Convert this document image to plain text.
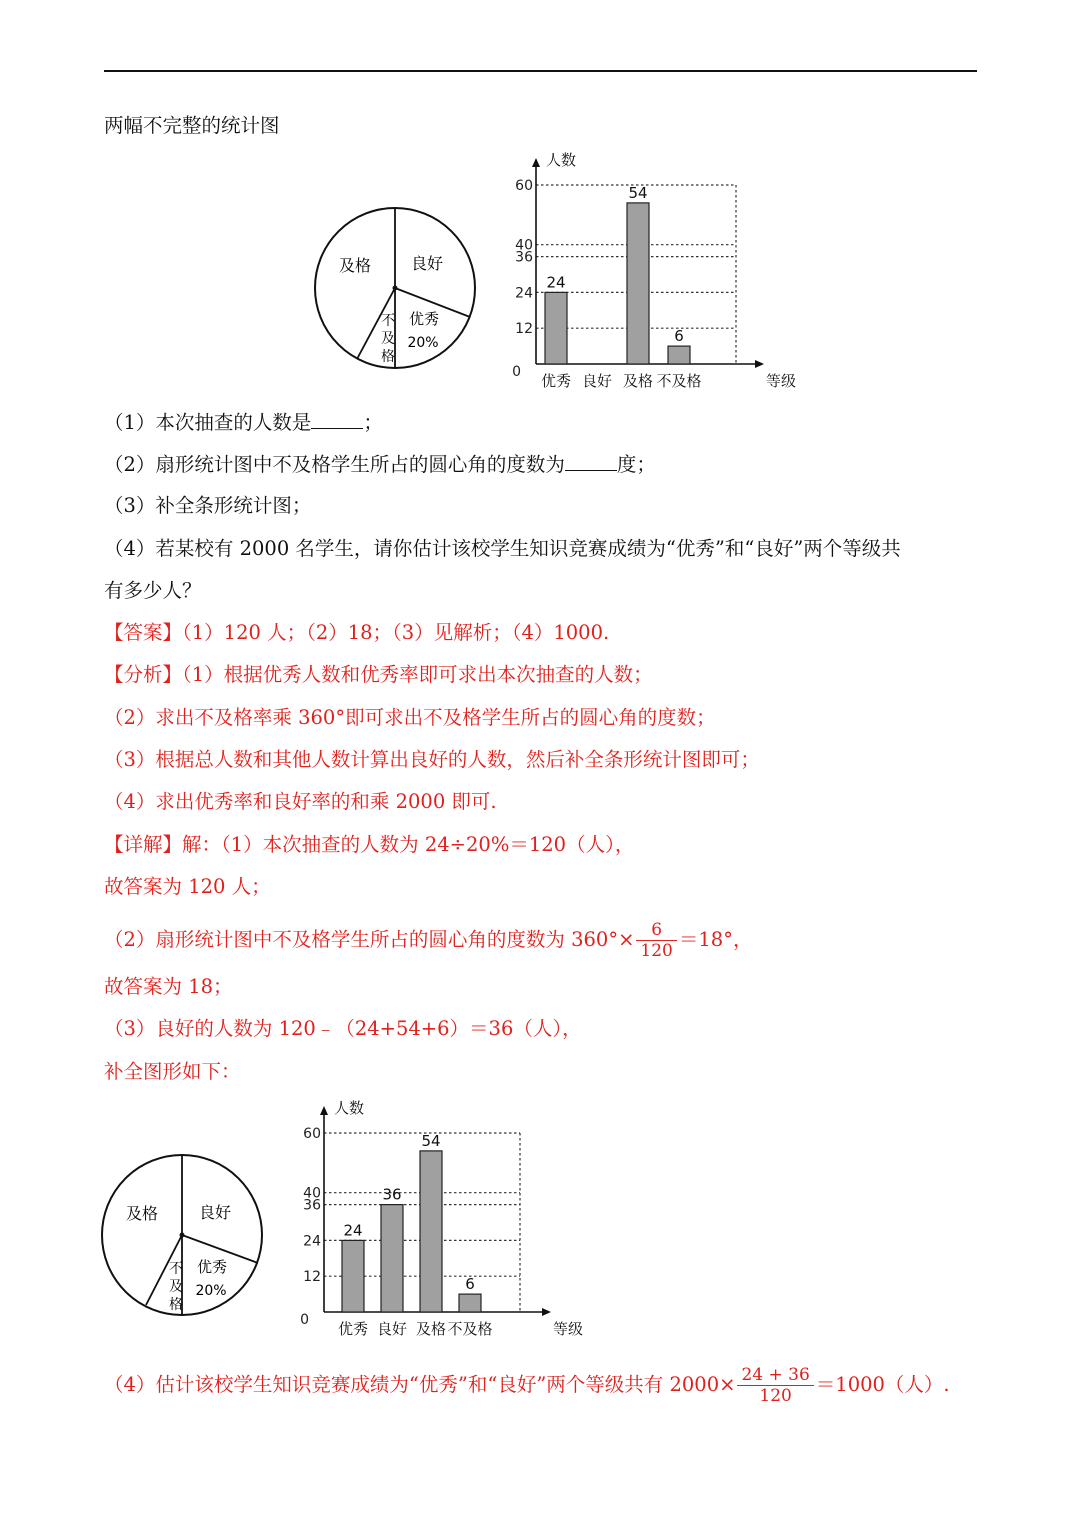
两幅不完整的统计图
及格 良好
优秀
20%
不
及
格
0
12
24
36
40
60
人数
等级
24
优秀 良好
54
及格
6
不及格
（1）本次抽查的人数是	；
（2）扇形统计图中不及格学生所占的圆心角的度数为	度；
（3）补全条形统计图；
（4）若某校有 2000 名学生，请你估计该校学生知识竞赛成绩为“优秀”和“良好”两个等级共
有多少人？
【答案】（1）120 人；（2）18；（3）见解析；（4）1000.
【分析】（1）根据优秀人数和优秀率即可求出本次抽查的人数；
（2）求出不及格率乘 360°即可求出不及格学生所占的圆心角的度数；
（3）根据总人数和其他人数计算出良好的人数，然后补全条形统计图即可；
（4）求出优秀率和良好率的和乘 2000 即可.
【详解】解：（1）本次抽查的人数为 24÷20%＝120（人），
故答案为 120 人；
（2）扇形统计图中不及格学生所占的圆心角的度数为 $360^\circ\times \frac{6}{120} =18^\circ$，
故答案为 18；
（3）良好的人数为 120﹣（24+54+6）＝36（人），
补全图形如下：
及格	良好
优秀
20%
不
及
格
0
12
24
36
40
60
人数
等级
24
优秀
36
良好
54
及格
6
不及格
（4）估计该校学生知识竞赛成绩为“优秀”和“良好”两个等级共有 $2000\times \frac{24 + 36}{120} =1000$（人）.
